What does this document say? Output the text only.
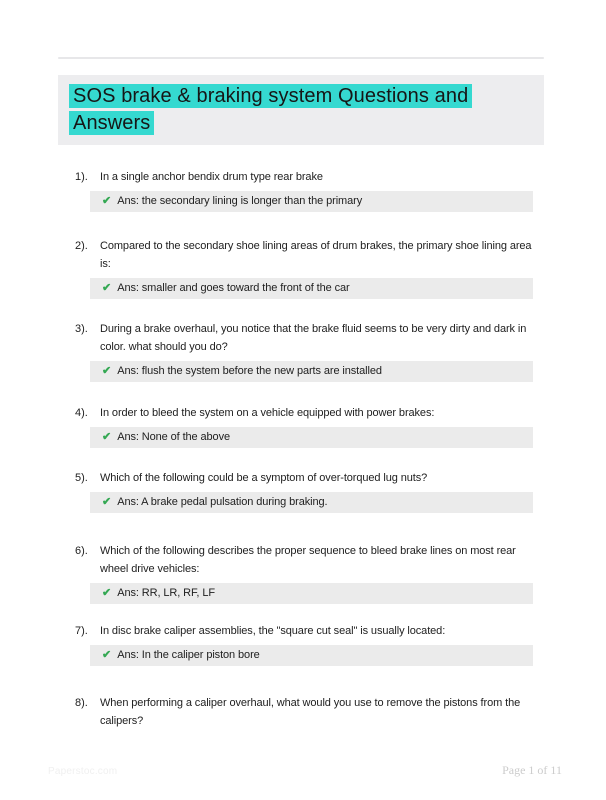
SOS brake & braking system Questions and Answers
1).	In a single anchor bendix drum type rear brake
✔ Ans: the secondary lining is longer than the primary
2).	Compared to the secondary shoe lining areas of drum brakes, the primary shoe lining area is:
✔ Ans: smaller and goes toward the front of the car
3).	During a brake overhaul, you notice that the brake fluid seems to be very dirty and dark in color. what should you do?
✔ Ans: flush the system before the new parts are installed
4).	In order to bleed the system on a vehicle equipped with power brakes:
✔ Ans: None of the above
5).	Which of the following could be a symptom of over-torqued lug nuts?
✔ Ans: A brake pedal pulsation during braking.
6).	Which of the following describes the proper sequence to bleed brake lines on most rear wheel drive vehicles:
✔ Ans: RR, LR, RF, LF
7).	In disc brake caliper assemblies, the "square cut seal" is usually located:
✔ Ans: In the caliper piston bore
8).	When performing a caliper overhaul, what would you use to remove the pistons from the calipers?
Paperstoc.com	Page 1 of 11
